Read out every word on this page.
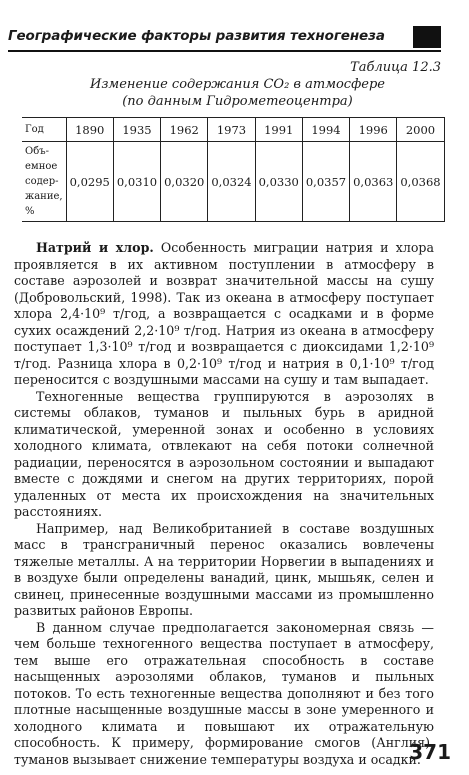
Географические факторы развития техногенеза
Таблица 12.3
Изменение содержания CO₂ в атмосфере
(по данным Гидрометеоцентра)
Год	1890	1935	1962	1973	1991	1994	1996	2000
Объ- емное содер- жание, %	0,0295	0,0310	0,0320	0,0324	0,0330	0,0357	0,0363	0,0368

Натрий и хлор. Особенность миграции натрия и хлора проявляется в их активном поступлении в атмосферу в составе аэрозолей и возврат значительной массы на сушу (Добровольский, 1998). Так из океана в атмосферу поступает хлора 2,4·10⁹ т/год, а возвращается с осадками и в форме сухих осаждений 2,2·10⁹ т/год. Натрия из океана в атмосферу поступает 1,3·10⁹ т/год и возвращается с диоксидами 1,2·10⁹ т/год. Разница хлора в 0,2·10⁹ т/год и натрия в 0,1·10⁹ т/год переносится с воздушными массами на сушу и там выпадает.

Техногенные вещества группируются в аэрозолях в системы облаков, туманов и пыльных бурь в аридной климатической, умеренной зонах и особенно в условиях холодного климата, отвлекают на себя потоки солнечной радиации, переносятся в аэрозольном состоянии и выпадают вместе с дождями и снегом на других территориях, порой удаленных от места их происхождения на значительных расстояниях.

Например, над Великобританией в составе воздушных масс в трансграничный перенос оказались вовлечены тяжелые металлы. А на территории Норвегии в выпадениях и в воздухе были определены ванадий, цинк, мышьяк, селен и свинец, принесенные воздушными массами из промышленно развитых районов Европы.

В данном случае предполагается закономерная связь — чем больше техногенного вещества поступает в атмосферу, тем выше его отражательная способность в составе насыщенных аэрозолями облаков, туманов и пыльных потоков. То есть техногенные вещества дополняют и без того плотные насыщенные воздушные массы в зоне умеренного и холодного климата и повышают их отражательную способность. К примеру, формирование смогов (Англия), туманов вызывает снижение температуры воздуха и осадки.

371
